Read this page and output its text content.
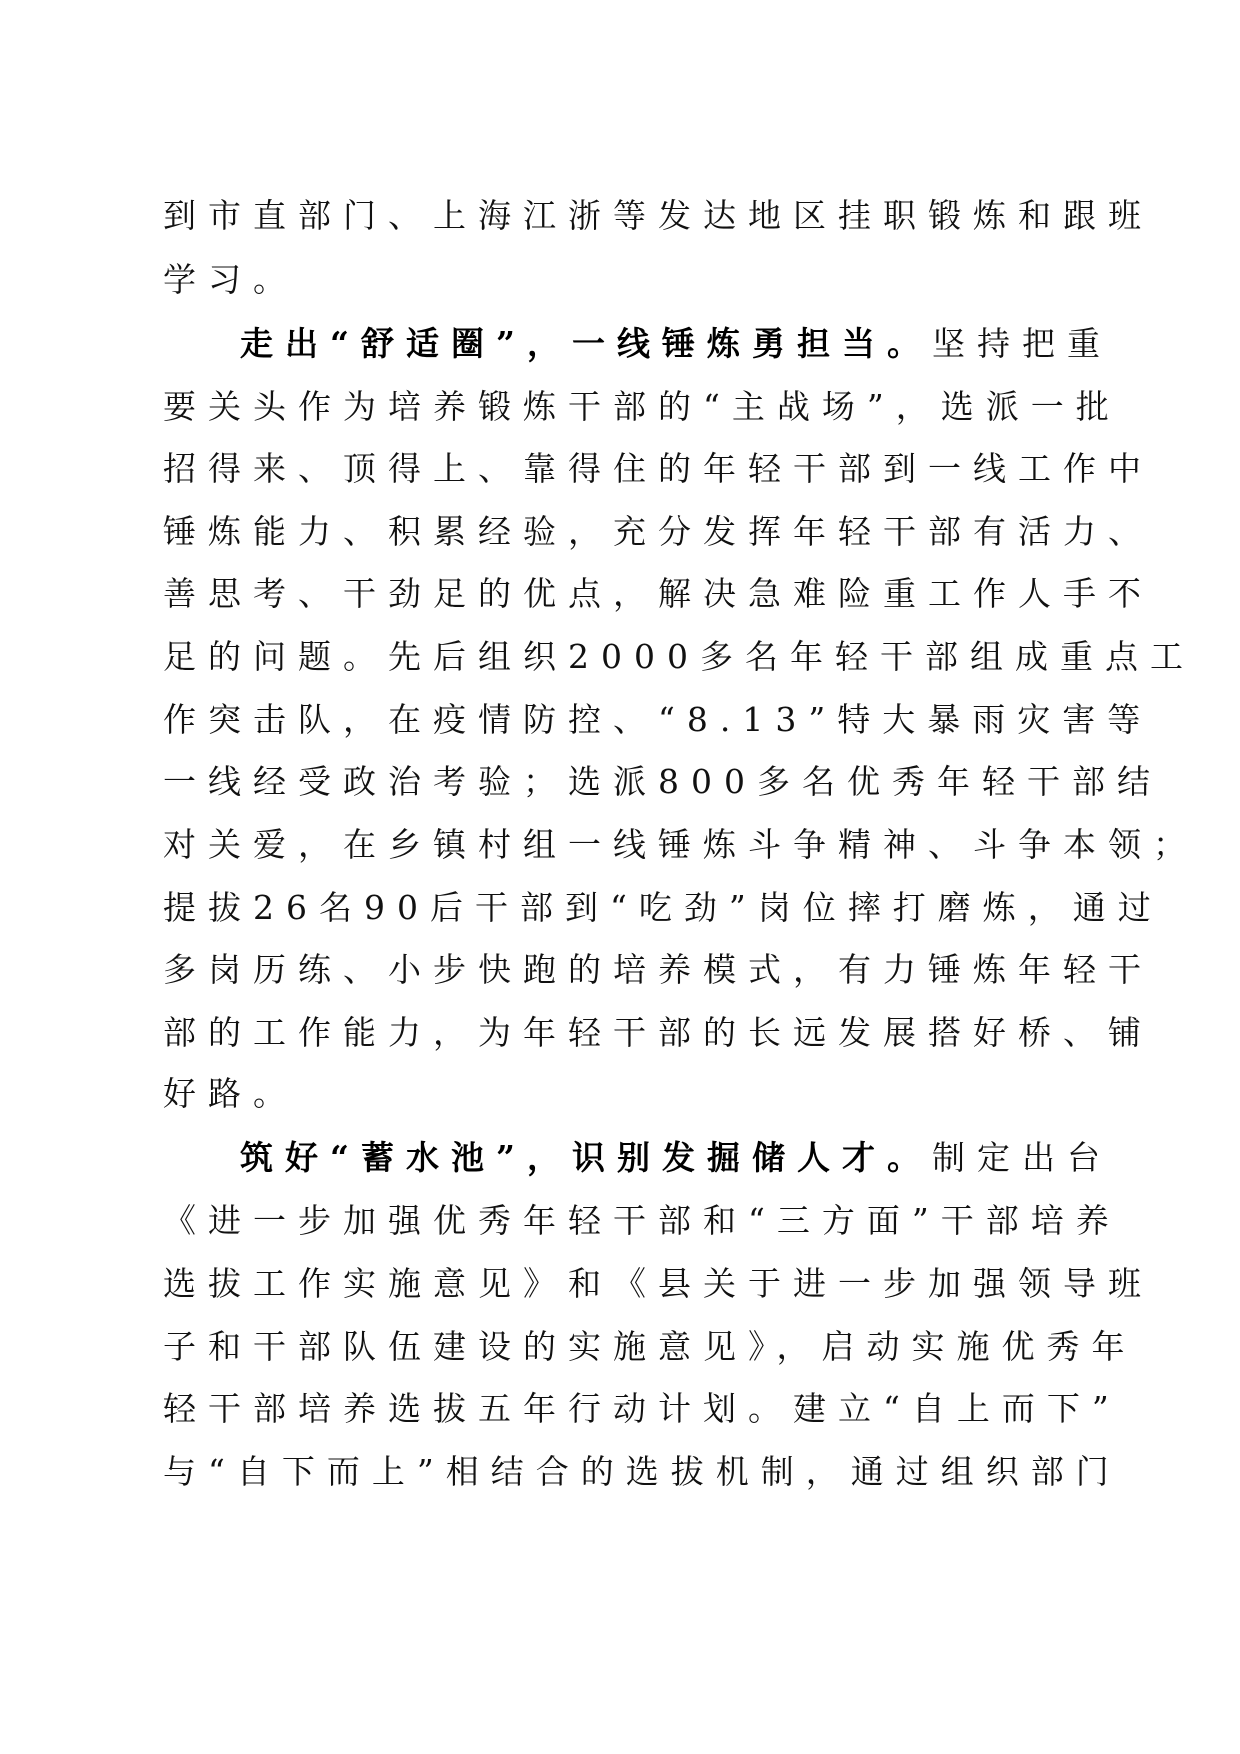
到市直部门、上海江浙等发达地区挂职锻炼和跟班
学习。
走出“舒适圈”，一线锤炼勇担当。坚持把重
要关头作为培养锻炼干部的“主战场”，选派一批
招得来、顶得上、靠得住的年轻干部到一线工作中
锤炼能力、积累经验，充分发挥年轻干部有活力、
善思考、干劲足的优点，解决急难险重工作人手不
足的问题。先后组织2000多名年轻干部组成重点工
作突击队，在疫情防控、“8.13”特大暴雨灾害等
一线经受政治考验；选派800多名优秀年轻干部结
对关爱，在乡镇村组一线锤炼斗争精神、斗争本领；
提拔26名90后干部到“吃劲”岗位摔打磨炼，通过
多岗历练、小步快跑的培养模式，有力锤炼年轻干
部的工作能力，为年轻干部的长远发展搭好桥、铺
好路。
筑好“蓄水池”，识别发掘储人才。制定出台
《进一步加强优秀年轻干部和“三方面”干部培养
选拔工作实施意见》和《县关于进一步加强领导班
子和干部队伍建设的实施意见》，启动实施优秀年
轻干部培养选拔五年行动计划。建立“自上而下”
与“自下而上”相结合的选拔机制，通过组织部门
